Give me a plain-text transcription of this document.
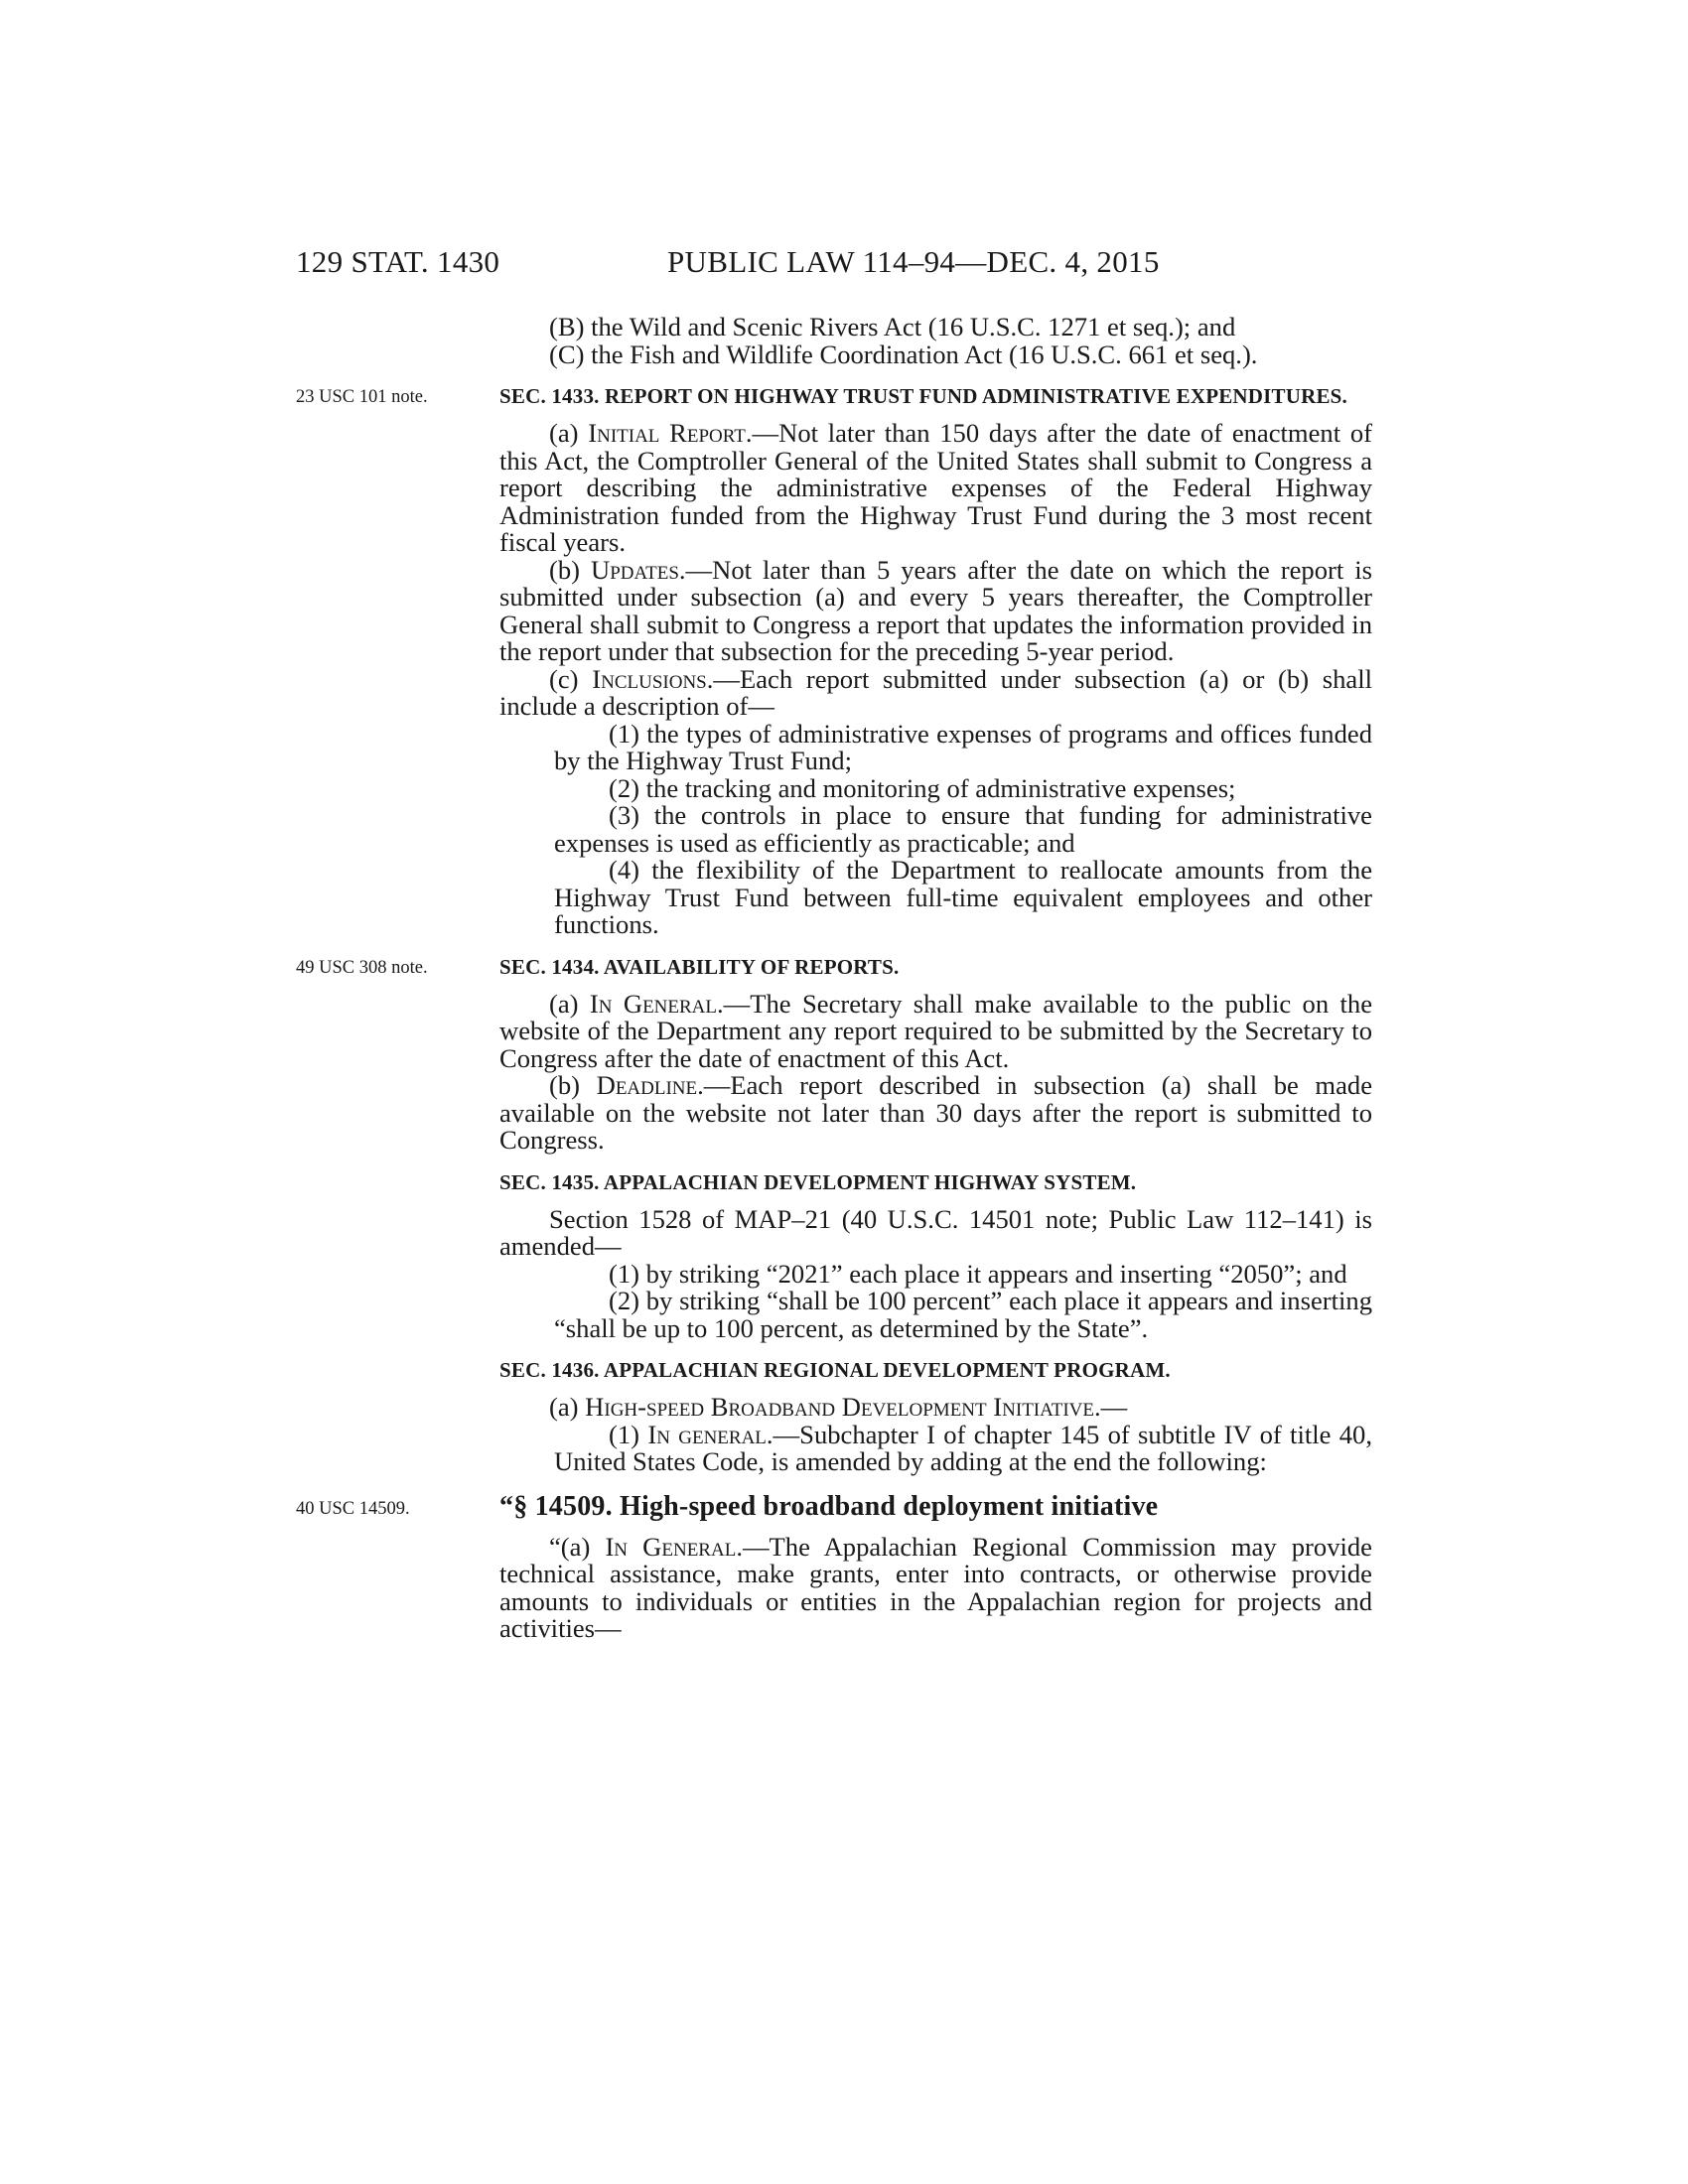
129 STAT. 1430	PUBLIC LAW 114–94—DEC. 4, 2015

(B) the Wild and Scenic Rivers Act (16 U.S.C. 1271 et seq.); and

(C) the Fish and Wildlife Coordination Act (16 U.S.C. 661 et seq.).

23 USC 101 note.	SEC. 1433. REPORT ON HIGHWAY TRUST FUND ADMINISTRATIVE EXPENDITURES.

(a) Initial Report.—Not later than 150 days after the date of enactment of this Act, the Comptroller General of the United States shall submit to Congress a report describing the administrative expenses of the Federal Highway Administration funded from the Highway Trust Fund during the 3 most recent fiscal years.

(b) Updates.—Not later than 5 years after the date on which the report is submitted under subsection (a) and every 5 years thereafter, the Comptroller General shall submit to Congress a report that updates the information provided in the report under that subsection for the preceding 5-year period.

(c) Inclusions.—Each report submitted under subsection (a) or (b) shall include a description of—

(1) the types of administrative expenses of programs and offices funded by the Highway Trust Fund;

(2) the tracking and monitoring of administrative expenses;

(3) the controls in place to ensure that funding for administrative expenses is used as efficiently as practicable; and

(4) the flexibility of the Department to reallocate amounts from the Highway Trust Fund between full-time equivalent employees and other functions.

49 USC 308 note.	SEC. 1434. AVAILABILITY OF REPORTS.

(a) In General.—The Secretary shall make available to the public on the website of the Department any report required to be submitted by the Secretary to Congress after the date of enactment of this Act.

(b) Deadline.—Each report described in subsection (a) shall be made available on the website not later than 30 days after the report is submitted to Congress.

SEC. 1435. APPALACHIAN DEVELOPMENT HIGHWAY SYSTEM.

Section 1528 of MAP–21 (40 U.S.C. 14501 note; Public Law 112–141) is amended—

(1) by striking “2021” each place it appears and inserting “2050”; and

(2) by striking “shall be 100 percent” each place it appears and inserting “shall be up to 100 percent, as determined by the State”.

SEC. 1436. APPALACHIAN REGIONAL DEVELOPMENT PROGRAM.

(a) High-speed Broadband Development Initiative.—

(1) In general.—Subchapter I of chapter 145 of subtitle IV of title 40, United States Code, is amended by adding at the end the following:

40 USC 14509.	“§ 14509. High-speed broadband deployment initiative

“(a) In General.—The Appalachian Regional Commission may provide technical assistance, make grants, enter into contracts, or otherwise provide amounts to individuals or entities in the Appalachian region for projects and activities—
